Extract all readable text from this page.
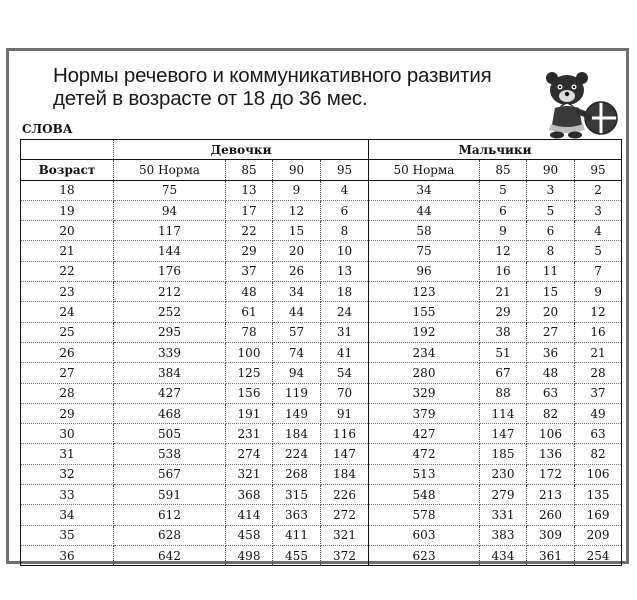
Нормы речевого и коммуникативного развития
детей в возрасте от 18 до 36 мес.
СЛОВА
	Девочки				Мальчики			
Возраст	50 Норма	85	90	95	50 Норма	85	90	95
18	75	13	9	4	34	5	3	2
19	94	17	12	6	44	6	5	3
20	117	22	15	8	58	9	6	4
21	144	29	20	10	75	12	8	5
22	176	37	26	13	96	16	11	7
23	212	48	34	18	123	21	15	9
24	252	61	44	24	155	29	20	12
25	295	78	57	31	192	38	27	16
26	339	100	74	41	234	51	36	21
27	384	125	94	54	280	67	48	28
28	427	156	119	70	329	88	63	37
29	468	191	149	91	379	114	82	49
30	505	231	184	116	427	147	106	63
31	538	274	224	147	472	185	136	82
32	567	321	268	184	513	230	172	106
33	591	368	315	226	548	279	213	135
34	612	414	363	272	578	331	260	169
35	628	458	411	321	603	383	309	209
36	642	498	455	372	623	434	361	254
